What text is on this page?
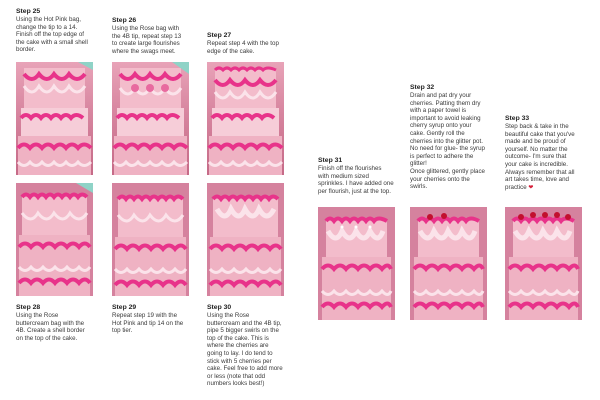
Step 25
Using the Hot Pink bag,
change the tip to a 14.
Finish off the top edge of
the cake with a small shell
border.
Step 26
Using the Rose bag with
the 4B tip, repeat step 13
to create large flourishes
where the swags meet.
Step 27
Repeat step 4 with the top
edge of the cake.
Step 28
Using the Rose
buttercream bag with the
4B. Create a shell border
on the top of the cake.
Step 29
Repeat step 19 with the
Hot Pink and tip 14 on the
top tier.
Step 30
Using the Rose
buttercream and the 4B tip,
pipe 5 bigger swirls on the
top of the cake. This is
where the cherries are
going to lay. I do tend to
stick with 5 cherries per
cake. Feel free to add more
or less (note that odd
numbers looks best!)
Step 31
Finish off the flourishes
with medium sized
sprinkles. I have added one
per flourish, just at the top.
Step 32
Drain and pat dry your
cherries. Patting them dry
with a paper towel is
important to avoid leaking
cherry syrup onto your
cake. Gently roll the
cherries into the glitter pot.
No need for glue- the syrup
is perfect to adhere the
glitter!
Once glittered, gently place
your cherries onto the
swirls.
Step 33
Step back & take in the
beautiful cake that you've
made and be proud of
yourself. No matter the
outcome- I'm sure that
your cake is incredible.
Always remember that all
art takes time, love and
practice ❤
